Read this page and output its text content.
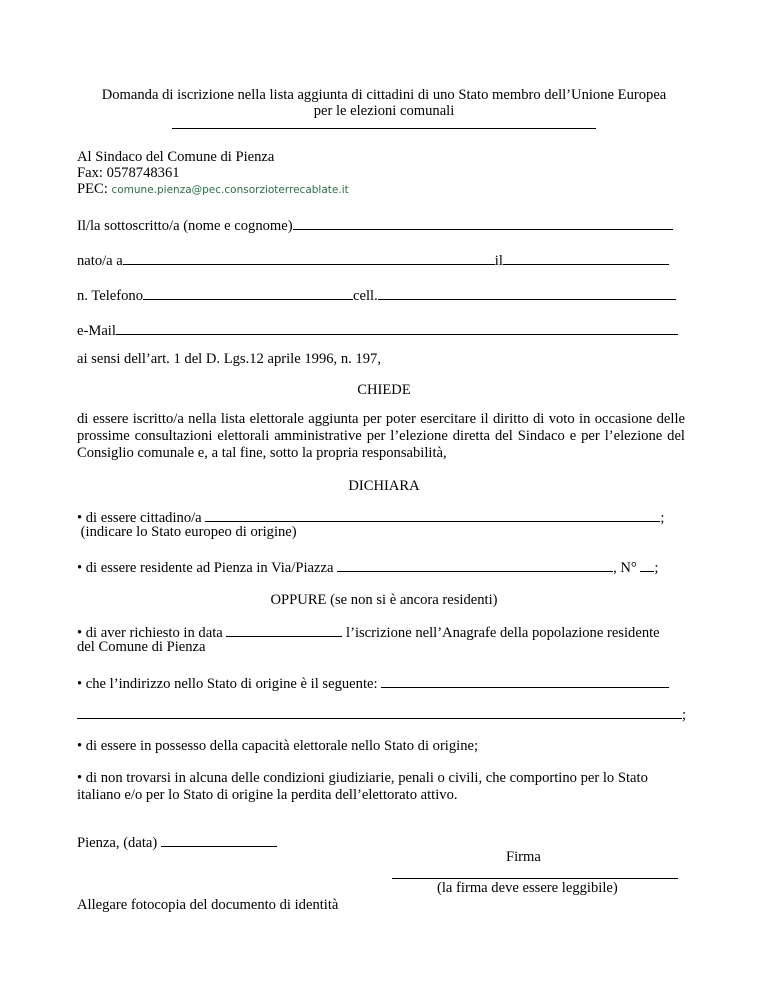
Domanda di iscrizione nella lista aggiunta di cittadini di uno Stato membro dell’Unione Europea
per le elezioni comunali
Al Sindaco del Comune di Pienza
Fax: 0578748361
PEC: comune.pienza@pec.consorzioterrecablate.it
Il/la sottoscritto/a (nome e cognome)
nato/a a	il
n. Telefono	cell.
e-Mail
ai sensi dell’art. 1 del D. Lgs.12 aprile 1996, n. 197,
CHIEDE
di essere iscritto/a nella lista elettorale aggiunta per poter esercitare il diritto di voto in occasione delle prossime consultazioni elettorali amministrative per l’elezione diretta del Sindaco e per l’elezione del Consiglio comunale e, a tal fine, sotto la propria responsabilità,
DICHIARA
• di essere cittadino/a	;
(indicare lo Stato europeo di origine)
• di essere residente ad Pienza in Via/Piazza	, N° ;
OPPURE (se non si è ancora residenti)
• di aver richiesto in data	l’iscrizione nell’Anagrafe della popolazione residente
del Comune di Pienza
• che l’indirizzo nello Stato di origine è il seguente:
;
• di essere in possesso della capacità elettorale nello Stato di origine;
• di non trovarsi in alcuna delle condizioni giudiziarie, penali o civili, che comportino per lo Stato italiano e/o per lo Stato di origine la perdita dell’elettorato attivo.
Pienza, (data)
Firma
(la firma deve essere leggibile)
Allegare fotocopia del documento di identità
